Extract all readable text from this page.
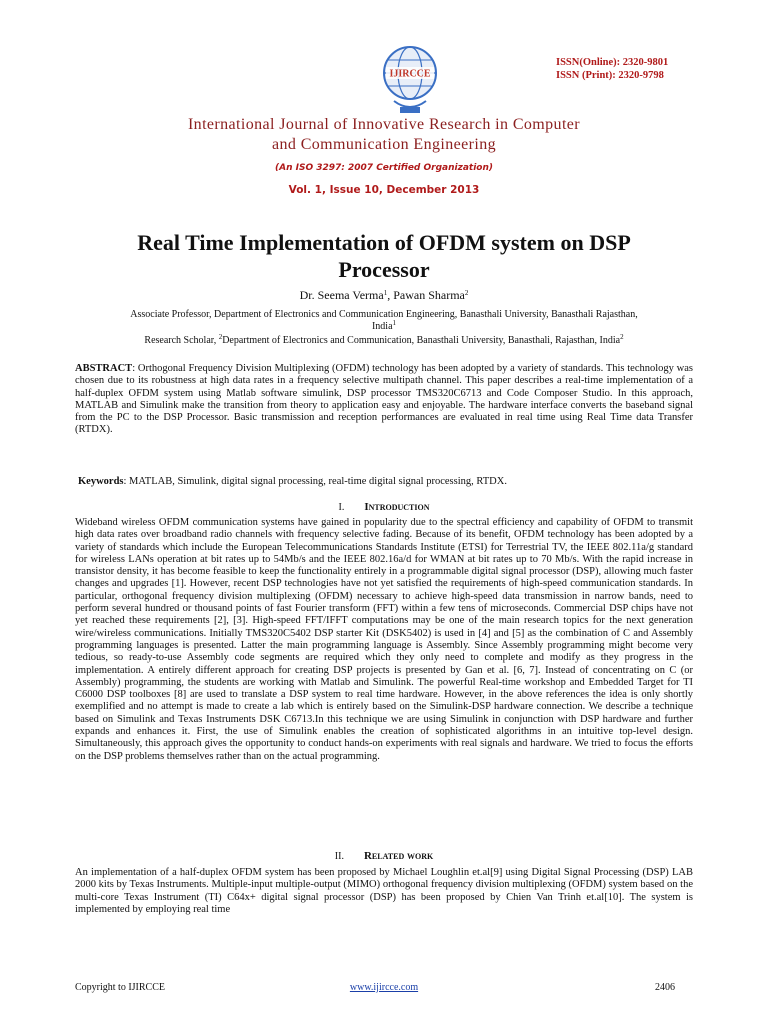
IJIRCCE
ISSN(Online): 2320-9801
ISSN (Print): 2320-9798
International Journal of Innovative Research in Computer
and Communication Engineering
(An ISO 3297: 2007 Certified Organization)
Vol. 1, Issue 10, December 2013
Real Time Implementation of OFDM system on DSP
Processor
Dr. Seema Verma$^1$, Pawan Sharma$^2$
Associate Professor, Department of Electronics and Communication Engineering, Banasthali University, Banasthali Rajasthan,
India$^1$
Research Scholar, $^2$Department of Electronics and Communication, Banasthali University, Banasthali, Rajasthan, India$^2$
ABSTRACT: Orthogonal Frequency Division Multiplexing (OFDM) technology has been adopted by a variety of standards. This technology was chosen due to its robustness at high data rates in a frequency selective multipath channel. This paper describes a real-time implementation of a half-duplex OFDM system using Matlab software simulink, DSP processor TMS320C6713 and Code Composer Studio. In this approach, MATLAB and Simulink make the transition from theory to application easy and enjoyable. The hardware interface converts the baseband signal from the PC to the DSP Processor. Basic transmission and reception performances are evaluated in real time using Real Time data Transfer (RTDX).
Keywords: MATLAB, Simulink, digital signal processing, real-time digital signal processing, RTDX.
I. Introduction
Wideband wireless OFDM communication systems have gained in popularity due to the spectral efficiency and capability of OFDM to transmit high data rates over broadband radio channels with frequency selective fading. Because of its benefit, OFDM technology has been adopted by a variety of standards which include the European Telecommunications Standards Institute (ETSI) for Terrestrial TV, the IEEE 802.11a/g standard for wireless LANs operation at bit rates up to 54Mb/s and the IEEE 802.16a/d for WMAN at bit rates up to 70 Mb/s. With the rapid increase in transistor density, it has become feasible to keep the functionality entirely in a programmable digital signal processor (DSP), allowing much faster changes and upgrades [1]. However, recent DSP technologies have not yet satisfied the requirements of high-speed communication standards. In particular, orthogonal frequency division multiplexing (OFDM) necessary to achieve high-speed data transmission in narrow bands, need to perform several hundred or thousand points of fast Fourier transform (FFT) within a few tens of microseconds. Commercial DSP chips have not yet reached these requirements [2], [3]. High-speed FFT/IFFT computations may be one of the main research topics for the next generation wire/wireless communications. Initially TMS320C5402 DSP starter Kit (DSK5402) is used in [4] and [5] as the combination of C and Assembly programming languages is presented. Latter the main programming language is Assembly. Since Assembly programming might become very tedious, so ready-to-use Assembly code segments are required which they only need to complete and modify as they progress in the implementation. A entirely different approach for creating DSP projects is presented by Gan et al. [6, 7]. Instead of concentrating on C (or Assembly) programming, the students are working with Matlab and Simulink. The powerful Real-time workshop and Embedded Target for TI C6000 DSP toolboxes [8] are used to translate a DSP system to real time hardware. However, in the above references the idea is only shortly exemplified and no attempt is made to create a lab which is entirely based on the Simulink-DSP hardware connection. We describe a technique based on Simulink and Texas Instruments DSK C6713.In this technique we are using Simulink in conjunction with DSP hardware and further expands and enhances it. First, the use of Simulink enables the creation of sophisticated algorithms in an intuitive top-level design. Simultaneously, this approach gives the opportunity to conduct hands-on experiments with real signals and hardware. We tried to focus the efforts on the DSP problems themselves rather than on the actual programming.
II. Related work
An implementation of a half-duplex OFDM system has been proposed by Michael Loughlin et.al[9] using Digital Signal Processing (DSP) LAB 2000 kits by Texas Instruments. Multiple-input multiple-output (MIMO) orthogonal frequency division multiplexing (OFDM) system based on the multi-core Texas Instrument (TI) C64x+ digital signal processor (DSP) has been proposed by Chien Van Trinh et.al[10]. The system is implemented by employing real time
Copyright to IJIRCCE	www.ijircce.com	2406
